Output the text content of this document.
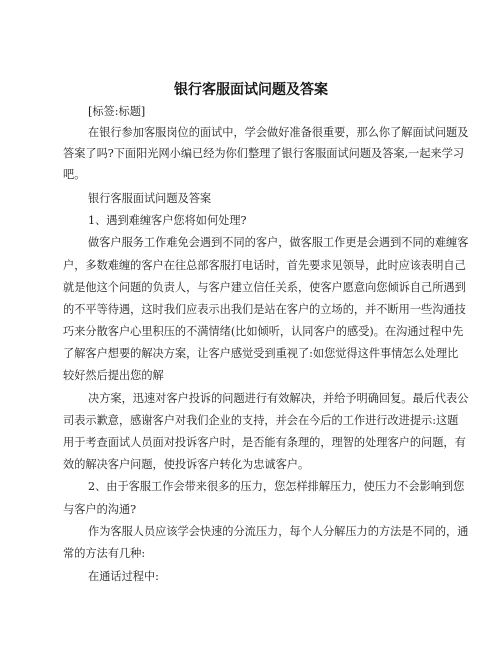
银行客服面试问题及答案
[标签:标题]
在银行参加客服岗位的面试中，学会做好准备很重要，那么你了解面试问题及
答案了吗?下面阳光网小编已经为你们整理了银行客服面试问题及答案,一起来学习
吧。
银行客服面试问题及答案
1、遇到难缠客户您将如何处理?
做客户服务工作难免会遇到不同的客户，做客服工作更是会遇到不同的难缠客
户，多数难缠的客户在往总部客服打电话时，首先要求见领导，此时应该表明自己
就是他这个问题的负责人，与客户建立信任关系，使客户愿意向您倾诉自己所遇到
的不平等待遇，这时我们应表示出我们是站在客户的立场的，并不断用一些沟通技
巧来分散客户心里积压的不满情绪(比如倾听，认同客户的感受)。在沟通过程中先
了解客户想要的解决方案，让客户感觉受到重视了:如您觉得这件事情怎么处理比
较好然后提出您的解
决方案，迅速对客户投诉的问题进行有效解决，并给予明确回复。最后代表公
司表示歉意，感谢客户对我们企业的支持，并会在今后的工作进行改进提示:这题
用于考查面试人员面对投诉客户时，是否能有条理的，理智的处理客户的问题，有
效的解决客户问题，使投诉客户转化为忠诚客户。
2、由于客服工作会带来很多的压力，您怎样排解压力，使压力不会影响到您
与客户的沟通?
作为客服人员应该学会快速的分流压力，每个人分解压力的方法是不同的，通
常的方法有几种:
在通话过程中:
